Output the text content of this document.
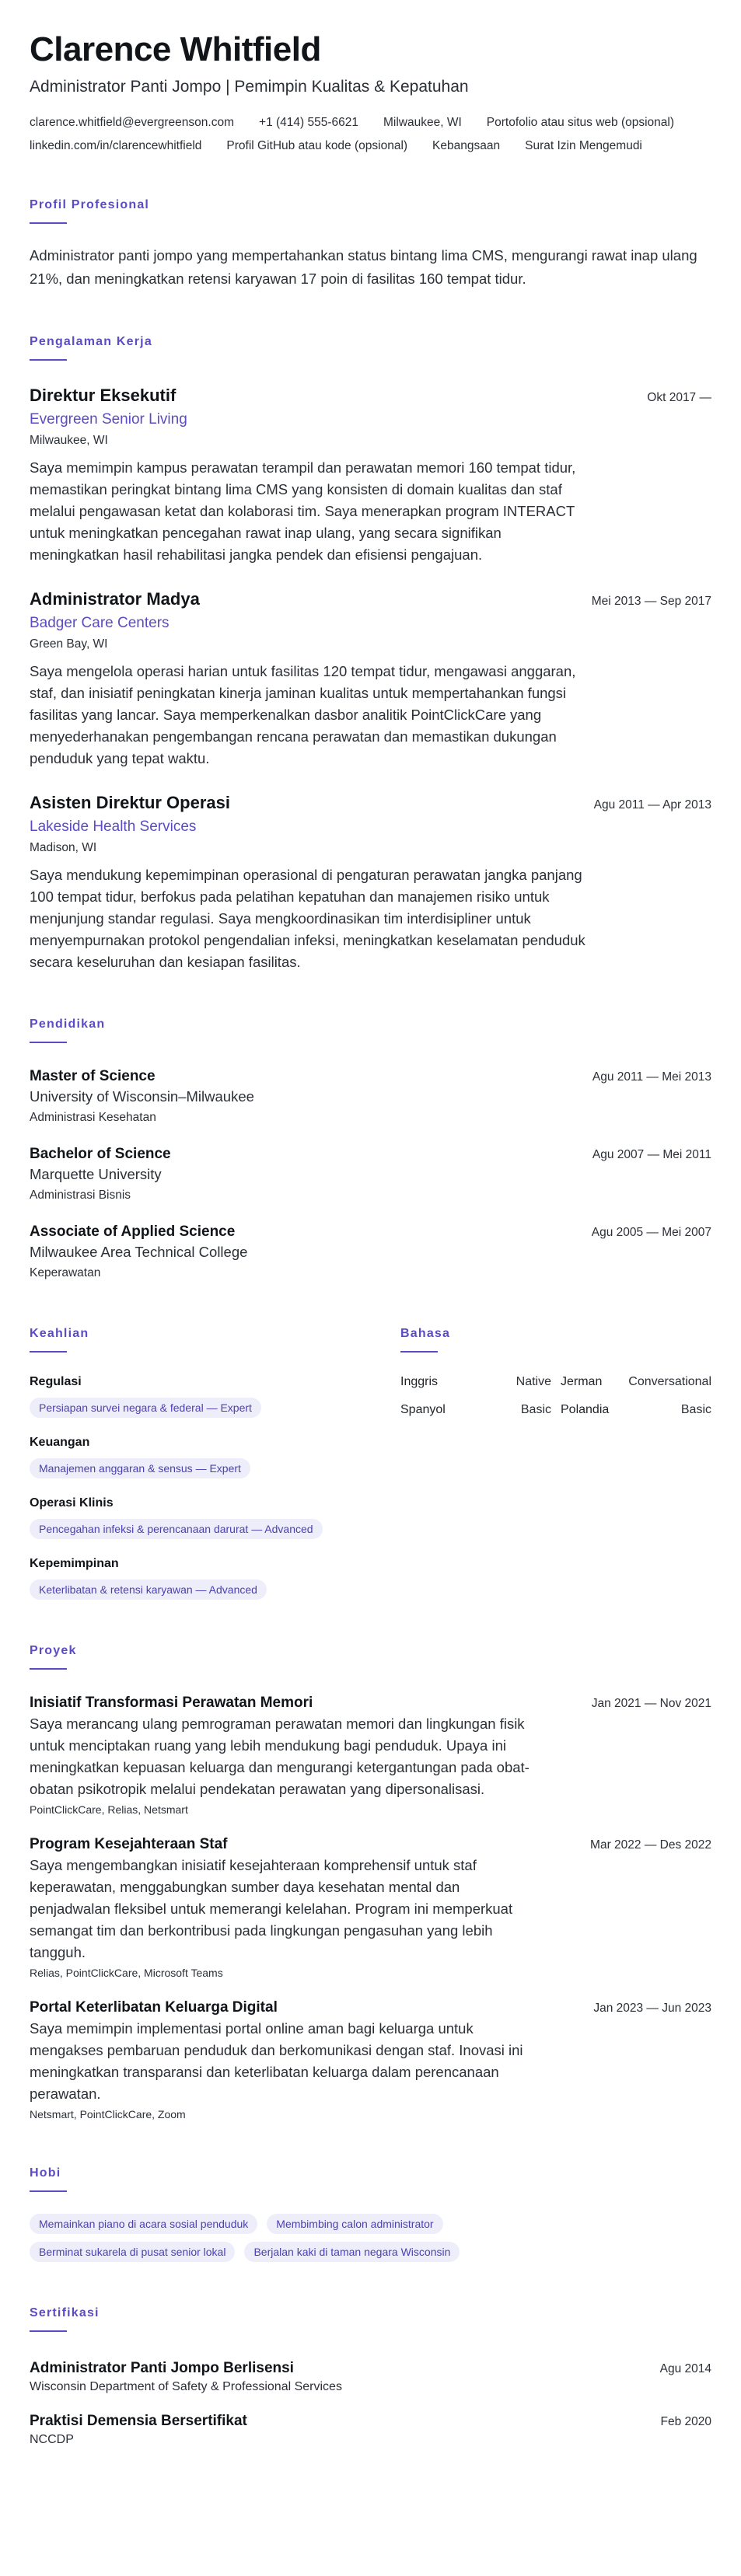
Clarence Whitfield
Administrator Panti Jompo | Pemimpin Kualitas & Kepatuhan
clarence.whitfield@evergreenson.com +1 (414) 555-6621 Milwaukee, WI Portofolio atau situs web (opsional)
linkedin.com/in/clarencewhitfield Profil GitHub atau kode (opsional) Kebangsaan Surat Izin Mengemudi
Profil Profesional

Administrator panti jompo yang mempertahankan status bintang lima CMS, mengurangi rawat inap ulang 21%, dan meningkatkan retensi karyawan 17 poin di fasilitas 160 tempat tidur.

Pengalaman Kerja
Direktur Eksekutif	Okt 2017 —
Evergreen Senior Living
Milwaukee, WI

Saya memimpin kampus perawatan terampil dan perawatan memori 160 tempat tidur, memastikan peringkat bintang lima CMS yang konsisten di domain kualitas dan staf melalui pengawasan ketat dan kolaborasi tim. Saya menerapkan program INTERACT untuk meningkatkan pencegahan rawat inap ulang, yang secara signifikan meningkatkan hasil rehabilitasi jangka pendek dan efisiensi pengajuan.

Administrator Madya	Mei 2013 — Sep 2017
Badger Care Centers
Green Bay, WI

Saya mengelola operasi harian untuk fasilitas 120 tempat tidur, mengawasi anggaran, staf, dan inisiatif peningkatan kinerja jaminan kualitas untuk mempertahankan fungsi fasilitas yang lancar. Saya memperkenalkan dasbor analitik PointClickCare yang menyederhanakan pengembangan rencana perawatan dan memastikan dukungan penduduk yang tepat waktu.

Asisten Direktur Operasi	Agu 2011 — Apr 2013
Lakeside Health Services
Madison, WI

Saya mendukung kepemimpinan operasional di pengaturan perawatan jangka panjang 100 tempat tidur, berfokus pada pelatihan kepatuhan dan manajemen risiko untuk menjunjung standar regulasi. Saya mengkoordinasikan tim interdisipliner untuk menyempurnakan protokol pengendalian infeksi, meningkatkan keselamatan penduduk secara keseluruhan dan kesiapan fasilitas.

Pendidikan
Master of Science	Agu 2011 — Mei 2013
University of Wisconsin–Milwaukee
Administrasi Kesehatan
Bachelor of Science	Agu 2007 — Mei 2011
Marquette University
Administrasi Bisnis
Associate of Applied Science	Agu 2005 — Mei 2007
Milwaukee Area Technical College
Keperawatan
Keahlian
Regulasi
Persiapan survei negara & federal — Expert
Keuangan
Manajemen anggaran & sensus — Expert
Operasi Klinis
Pencegahan infeksi & perencanaan darurat — Advanced
Kepemimpinan
Keterlibatan & retensi karyawan — Advanced
Bahasa
Inggris	Native Jerman Conversational
Spanyol	Basic Polandia	Basic
Proyek
Inisiatif Transformasi Perawatan Memori	Jan 2021 — Nov 2021

Saya merancang ulang pemrograman perawatan memori dan lingkungan fisik untuk menciptakan ruang yang lebih mendukung bagi penduduk. Upaya ini meningkatkan kepuasan keluarga dan mengurangi ketergantungan pada obat-obatan psikotropik melalui pendekatan perawatan yang dipersonalisasi.

PointClickCare, Relias, Netsmart
Program Kesejahteraan Staf	Mar 2022 — Des 2022

Saya mengembangkan inisiatif kesejahteraan komprehensif untuk staf keperawatan, menggabungkan sumber daya kesehatan mental dan penjadwalan fleksibel untuk memerangi kelelahan. Program ini memperkuat semangat tim dan berkontribusi pada lingkungan pengasuhan yang lebih tangguh.

Relias, PointClickCare, Microsoft Teams
Portal Keterlibatan Keluarga Digital	Jan 2023 — Jun 2023

Saya memimpin implementasi portal online aman bagi keluarga untuk mengakses pembaruan penduduk dan berkomunikasi dengan staf. Inovasi ini meningkatkan transparansi dan keterlibatan keluarga dalam perencanaan perawatan.

Netsmart, PointClickCare, Zoom
Hobi
Memainkan piano di acara sosial penduduk	Membimbing calon administrator
Berminat sukarela di pusat senior lokal	Berjalan kaki di taman negara Wisconsin
Sertifikasi
Administrator Panti Jompo Berlisensi	Agu 2014
Wisconsin Department of Safety & Professional Services
Praktisi Demensia Bersertifikat	Feb 2020
NCCDP
